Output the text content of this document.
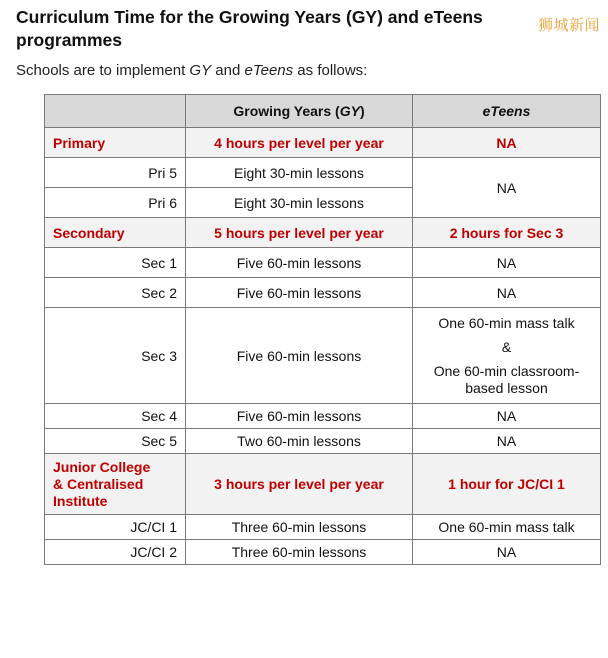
Curriculum Time for the Growing Years (GY) and eTeens
programmes
狮城新闻
Schools are to implement GY and eTeens as follows:
	Growing Years (GY)	eTeens
Primary	4 hours per level per year	NA
Pri 5	Eight 30-min lessons	NA
Pri 6	Eight 30-min lessons	
Secondary	5 hours per level per year	2 hours for Sec 3
Sec 1	Five 60-min lessons	NA
Sec 2	Five 60-min lessons	NA
Sec 3	Five 60-min lessons	One 60-min mass talk
&
One 60-min classroom-
based lesson

Sec 4	Five 60-min lessons	NA
Sec 5	Two 60-min lessons	NA

Junior College
& Centralised
Institute	3 hours per level per year	1 hour for JC/CI 1
JC/CI 1	Three 60-min lessons	One 60-min mass talk
JC/CI 2	Three 60-min lessons	NA
